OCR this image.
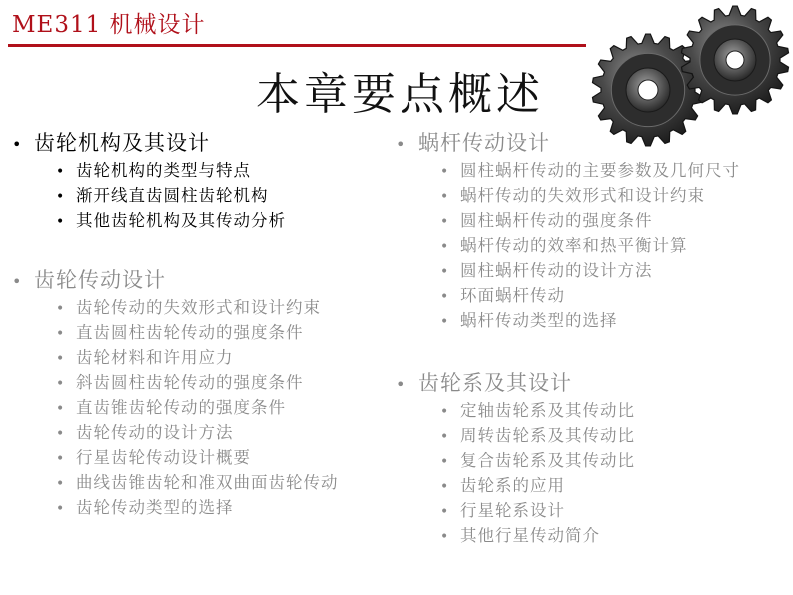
ME311 机械设计
本章要点概述
• 齿轮机构及其设计
• 齿轮机构的类型与特点
• 渐开线直齿圆柱齿轮机构
• 其他齿轮机构及其传动分析
• 齿轮传动设计
• 齿轮传动的失效形式和设计约束
• 直齿圆柱齿轮传动的强度条件
• 齿轮材料和许用应力
• 斜齿圆柱齿轮传动的强度条件
• 直齿锥齿轮传动的强度条件
• 齿轮传动的设计方法
• 行星齿轮传动设计概要
• 曲线齿锥齿轮和准双曲面齿轮传动
• 齿轮传动类型的选择
• 蜗杆传动设计
• 圆柱蜗杆传动的主要参数及几何尺寸
• 蜗杆传动的失效形式和设计约束
• 圆柱蜗杆传动的强度条件
• 蜗杆传动的效率和热平衡计算
• 圆柱蜗杆传动的设计方法
• 环面蜗杆传动
• 蜗杆传动类型的选择
• 齿轮系及其设计
• 定轴齿轮系及其传动比
• 周转齿轮系及其传动比
• 复合齿轮系及其传动比
• 齿轮系的应用
• 行星轮系设计
• 其他行星传动简介
